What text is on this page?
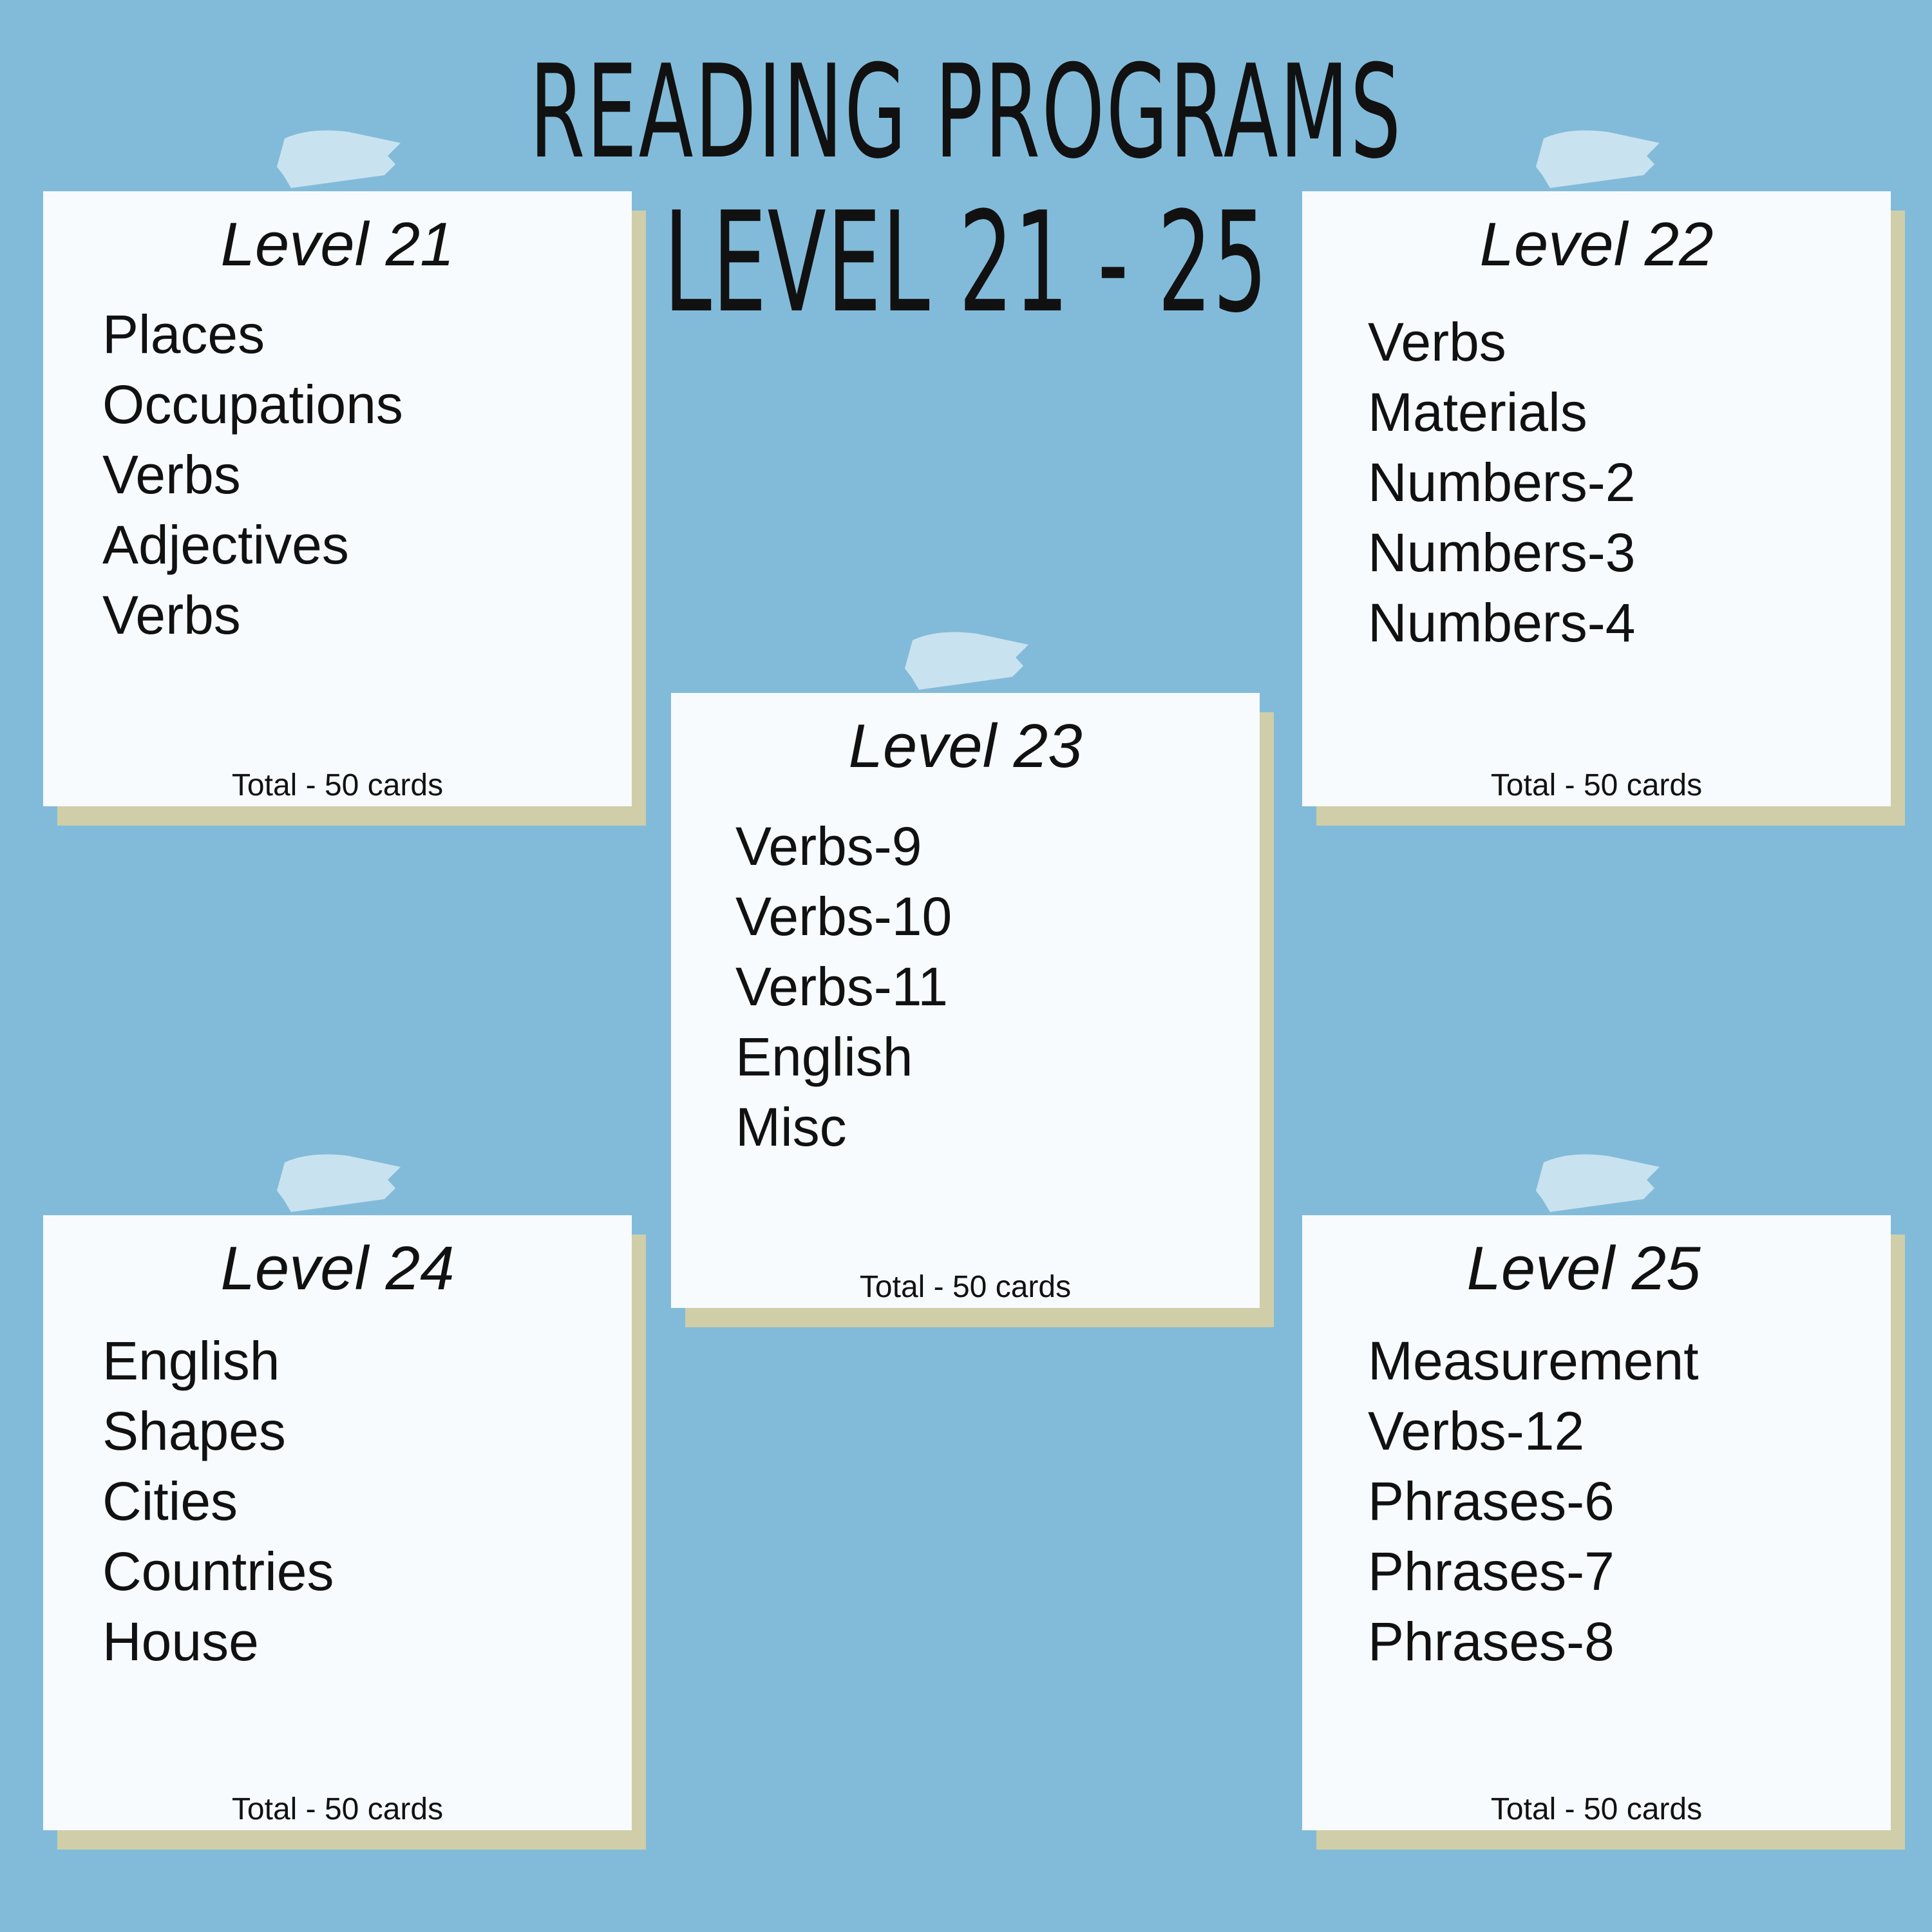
READING PROGRAMS
LEVEL 21 - 25
Level 21
Places
Occupations
Verbs
Adjectives
Verbs
Total - 50 cards
Level 22
Verbs
Materials
Numbers-2
Numbers-3
Numbers-4
Total - 50 cards
Level 23
Verbs-9
Verbs-10
Verbs-11
English
Misc
Total - 50 cards
Level 24
English
Shapes
Cities
Countries
House
Total - 50 cards
Level 25
Measurement
Verbs-12
Phrases-6
Phrases-7
Phrases-8
Total - 50 cards
